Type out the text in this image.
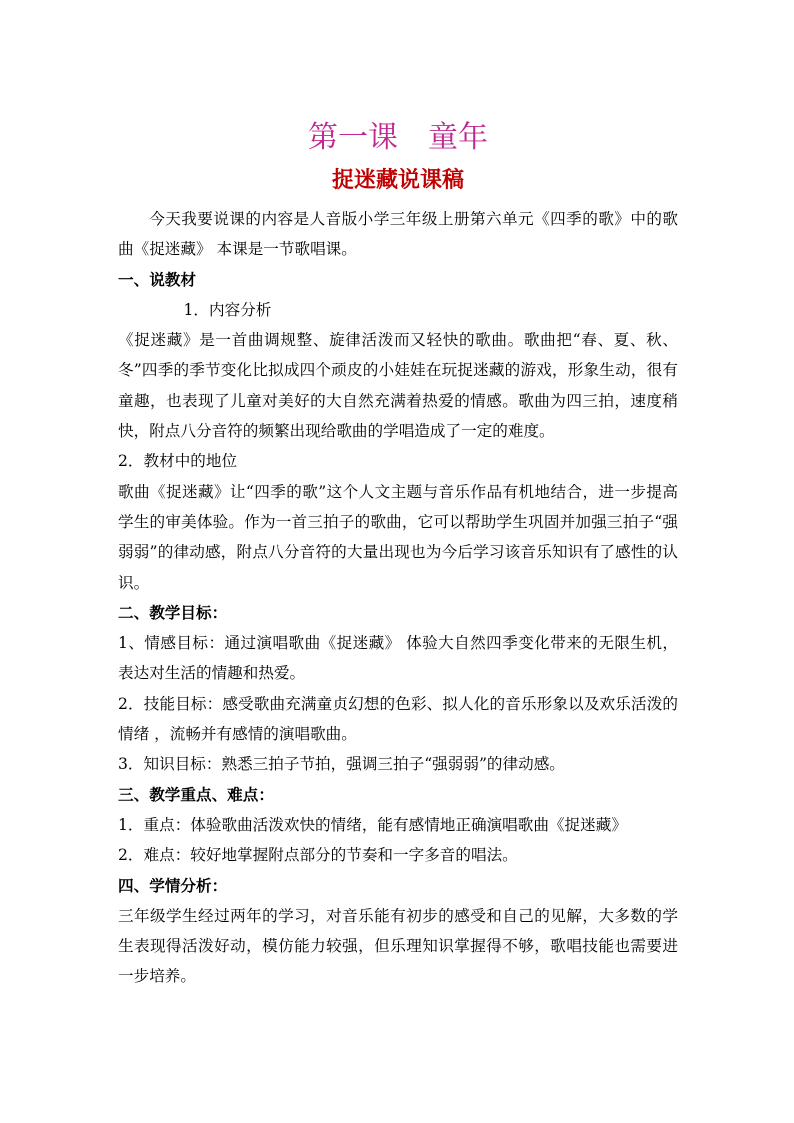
第一课 童年
捉迷藏说课稿

今天我要说课的内容是人音版小学三年级上册第六单元《四季的歌》中的歌曲《捉迷藏》 本课是一节歌唱课。

一、说教材

1．内容分析

《捉迷藏》是一首曲调规整、旋律活泼而又轻快的歌曲。歌曲把“春、夏、秋、冬”四季的季节变化比拟成四个顽皮的小娃娃在玩捉迷藏的游戏，形象生动，很有童趣，也表现了儿童对美好的大自然充满着热爱的情感。歌曲为四三拍，速度稍快，附点八分音符的频繁出现给歌曲的学唱造成了一定的难度。

2．教材中的地位

歌曲《捉迷藏》让“四季的歌”这个人文主题与音乐作品有机地结合，进一步提高学生的审美体验。作为一首三拍子的歌曲，它可以帮助学生巩固并加强三拍子“强弱弱”的律动感，附点八分音符的大量出现也为今后学习该音乐知识有了感性的认识。

二、教学目标：

1、情感目标：通过演唱歌曲《捉迷藏》 体验大自然四季变化带来的无限生机，表达对生活的情趣和热爱。

2．技能目标：感受歌曲充满童贞幻想的色彩、拟人化的音乐形象以及欢乐活泼的情绪 ，流畅并有感情的演唱歌曲。

3．知识目标：熟悉三拍子节拍，强调三拍子“强弱弱”的律动感。

三、教学重点、难点：

1．重点：体验歌曲活泼欢快的情绪，能有感情地正确演唱歌曲《捉迷藏》

2．难点：较好地掌握附点部分的节奏和一字多音的唱法。

四、学情分析：

三年级学生经过两年的学习，对音乐能有初步的感受和自己的见解，大多数的学生表现得活泼好动，模仿能力较强，但乐理知识掌握得不够，歌唱技能也需要进一步培养。
